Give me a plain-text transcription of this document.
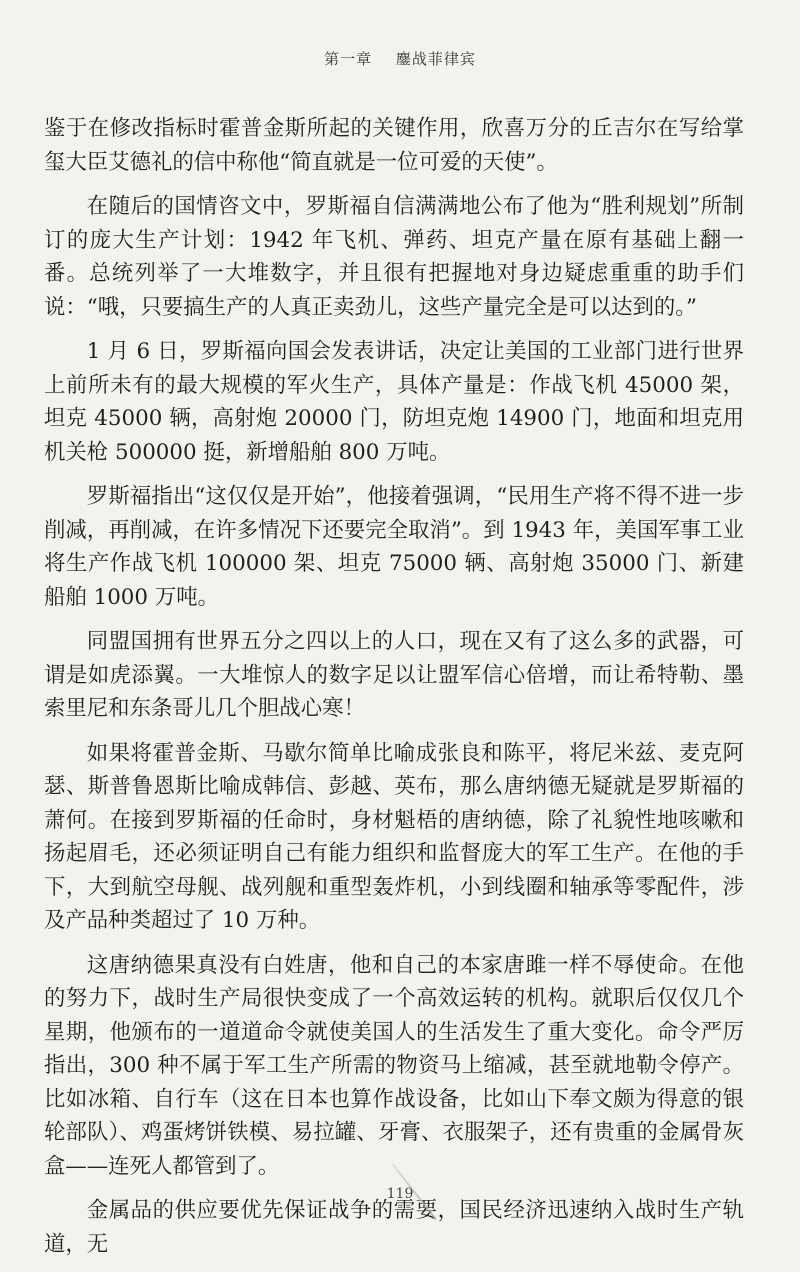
第一章 鏖战菲律宾

鉴于在修改指标时霍普金斯所起的关键作用，欣喜万分的丘吉尔在写给掌玺大臣艾德礼的信中称他“简直就是一位可爱的天使”。

在随后的国情咨文中，罗斯福自信满满地公布了他为“胜利规划”所制订的庞大生产计划：1942 年飞机、弹药、坦克产量在原有基础上翻一番。总统列举了一大堆数字，并且很有把握地对身边疑虑重重的助手们说：“哦，只要搞生产的人真正卖劲儿，这些产量完全是可以达到的。”

1 月 6 日，罗斯福向国会发表讲话，决定让美国的工业部门进行世界上前所未有的最大规模的军火生产，具体产量是：作战飞机 45000 架，坦克 45000 辆，高射炮 20000 门，防坦克炮 14900 门，地面和坦克用机关枪 500000 挺，新增船舶 800 万吨。

罗斯福指出“这仅仅是开始”，他接着强调，“民用生产将不得不进一步削减，再削减，在许多情况下还要完全取消”。到 1943 年，美国军事工业将生产作战飞机 100000 架、坦克 75000 辆、高射炮 35000 门、新建船舶 1000 万吨。

同盟国拥有世界五分之四以上的人口，现在又有了这么多的武器，可谓是如虎添翼。一大堆惊人的数字足以让盟军信心倍增，而让希特勒、墨索里尼和东条哥儿几个胆战心寒！

如果将霍普金斯、马歇尔简单比喻成张良和陈平，将尼米兹、麦克阿瑟、斯普鲁恩斯比喻成韩信、彭越、英布，那么唐纳德无疑就是罗斯福的萧何。在接到罗斯福的任命时，身材魁梧的唐纳德，除了礼貌性地咳嗽和扬起眉毛，还必须证明自己有能力组织和监督庞大的军工生产。在他的手下，大到航空母舰、战列舰和重型轰炸机，小到线圈和轴承等零配件，涉及产品种类超过了 10 万种。

这唐纳德果真没有白姓唐，他和自己的本家唐雎一样不辱使命。在他的努力下，战时生产局很快变成了一个高效运转的机构。就职后仅仅几个星期，他颁布的一道道命令就使美国人的生活发生了重大变化。命令严厉指出，300 种不属于军工生产所需的物资马上缩减，甚至就地勒令停产。比如冰箱、自行车（这在日本也算作战设备，比如山下奉文颇为得意的银轮部队）、鸡蛋烤饼铁模、易拉罐、牙膏、衣服架子，还有贵重的金属骨灰盒——连死人都管到了。

金属品的供应要优先保证战争的需要，国民经济迅速纳入战时生产轨道，无

119
